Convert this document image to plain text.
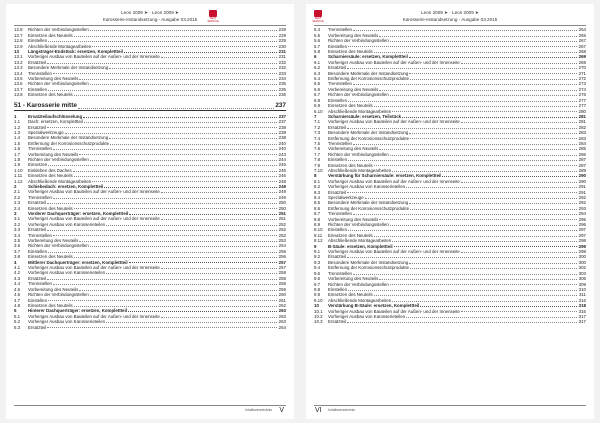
Leon 2009 ➤ · Leon 2009 ➤
Karosserie-Instandsetzung - Ausgabe 03.2015	SEAT SERVICE
12.8	Richten der Verbindungsstellen	229
12.7	Einsetzen des Neuteils	229
12.8	Einstellen	229
12.9	Abschließende Montagearbeiten	230
13	Längsträger-Endstück: ersetzen, Komplettteil	231
13.1	Vorheriger Ausbau von Bauteilen auf der Außen- und der Innenseite	231
13.2	Ersatzteil	232
13.3	Besondere Merkmale der Instandsetzung	232
13.4	Trennstellen	233
13.5	Vorbereitung des Neuteils	234
13.6	Richten der Verbindungsstellen	235
13.7	Einstellen	235
13.8	Einsetzen des Neuteils	236
51 - Karosserie mitte	237
1	Ersatzteilaufschlüsselung	237
1.1	Dach: ersetzen, Komplettteil	237
1.2	Ersatzteil	238
1.3	Spezialwerkzeuge	238
1.4	Besondere Merkmale der Instandsetzung	238
1.5	Entfernung der Korrosionsschutzprodukte	240
1.6	Trennstellen	240
1.7	Vorbereitung des Neuteils	243
1.8	Richten der Verbindungsstellen	244
1.9	Einsetzen	245
1.10	Einkleben des Daches	245
1.11	Einsetzen des Neuteils	246
1.12	Abschließende Montagearbeiten	248
2	Schiebedach: ersetzen, Komplettteil	249
2.1	Vorheriger Ausbau von Bauteilen auf der Außen- und der Innenseite	249
2.2	Trennstellen	249
2.3	Ersatzteil	250
2.4	Einsetzen des Neuteils	250
3	Vorderer Dachquerträger: ersetzen, Komplettteil	251
3.1	Vorheriger Ausbau von Bauteilen auf der Außen- und der Innenseite	251
3.2	Vorheriger Ausbau von Karosserieteilen	252
3.3	Ersatzteil	252
3.4	Trennstellen	252
3.5	Vorbereitung des Neuteils	253
3.6	Richten der Verbindungsstellen	254
3.7	Einstellen	255
3.8	Einsetzen des Neuteils	256
4	Mittlerer Dachquerträger: ersetzen, Komplettteil	257
4.1	Vorheriger Ausbau von Bauteilen auf der Außen- und der Innenseite	257
4.2	Vorheriger Ausbau von Karosserieteilen	258
4.3	Ersatzteil	258
4.4	Trennstellen	258
4.5	Vorbereitung des Neuteils	259
4.6	Richten der Verbindungsstellen	260
4.7	Einstellen	261
4.8	Einsetzen des Neuteils	262
5	Hinterer Dachquerträger: ersetzen, Komplettteil	263
5.1	Vorheriger Ausbau von Bauteilen auf der Außen- und der Innenseite	263
5.2	Vorheriger Ausbau von Karosserieteilen	263
5.3	Ersatzteil	264
Inhaltsverzeichnis V
Leon 2009 ➤ · Leon 2009 ➤
Karosserie-Instandsetzung - Ausgabe 03.2015
SEAT SERVICE
5.4	Trennstellen	264
5.5	Vorbereitung des Neuteils	265
5.6	Richten der Verbindungsstellen	267
5.7	Einstellen	267
5.8	Einsetzen des Neuteils	268
6	Scharniersäule: ersetzen, Komplettteil	269
6.1	Vorheriger Ausbau von Bauteilen auf der Außen- und der Innenseite	269
6.2	Ersatzteil	270
6.3	Besondere Merkmale der Instandsetzung	271
6.4	Entfernung der Korrosionsschutzprodukte	272
6.5	Trennstellen	273
6.6	Vorbereitung des Neuteils	274
6.7	Richten der Verbindungsstellen	276
6.8	Einstellen	277
6.9	Einsetzen des Neuteils	277
6.10	Abschließende Montagearbeiten	280
7	Scharniersäule: ersetzen, Teilstück	281
7.1	Vorheriger Ausbau von Bauteilen auf der Außen- und der Innenseite	281
7.2	Ersatzteil	282
7.3	Besondere Merkmale der Instandsetzung	283
7.4	Entfernung der Korrosionsschutzprodukte	283
7.5	Trennstellen	284
7.6	Vorbereitung des Neuteils	285
7.7	Richten der Verbindungsstellen	286
7.8	Einstellen	287
7.9	Einsetzen des Neuteils	287
7.10	Abschließende Montagearbeiten	289
8	Verstärkung für Scharniersäule: ersetzen, Komplettteil	290
8.1	Vorheriger Ausbau von Bauteilen auf der Außen- und der Innenseite	290
8.2	Vorheriger Ausbau von Karosserieteilen	291
8.3	Ersatzteil	291
8.4	Spezialwerkzeuge	292
8.5	Besondere Merkmale der Instandsetzung	292
8.6	Entfernung der Korrosionsschutzprodukte	293
8.7	Trennstellen	294
8.8	Vorbereitung des Neuteils	295
8.9	Richten der Verbindungsstellen	296
8.10	Einstellen	297
8.11	Einsetzen des Neuteils	297
8.12	Abschließende Montagearbeiten	298
9	B-Säule: ersetzen, Komplettteil	299
9.1	Vorheriger Ausbau von Bauteilen auf der Außen- und der Innenseite	299
9.2	Ersatzteil	300
9.3	Besondere Merkmale der Instandsetzung	300
9.4	Entfernung der Korrosionsschutzprodukte	302
9.5	Trennstellen	303
9.6	Vorbereitung des Neuteils	306
9.7	Richten der Verbindungsstellen	309
9.8	Einstellen	310
9.9	Einsetzen des Neuteils	311
9.10	Abschließende Montagearbeiten	316
10	Verstärkung B-Säule: ersetzen, Komplettteil	318
10.1	Vorheriger Ausbau von Bauteilen auf der Außen- und der Innenseite	316
10.2	Vorheriger Ausbau von Karosserieteilen	317
10.3	Ersatzteil	317
VI Inhaltsverzeichnis
